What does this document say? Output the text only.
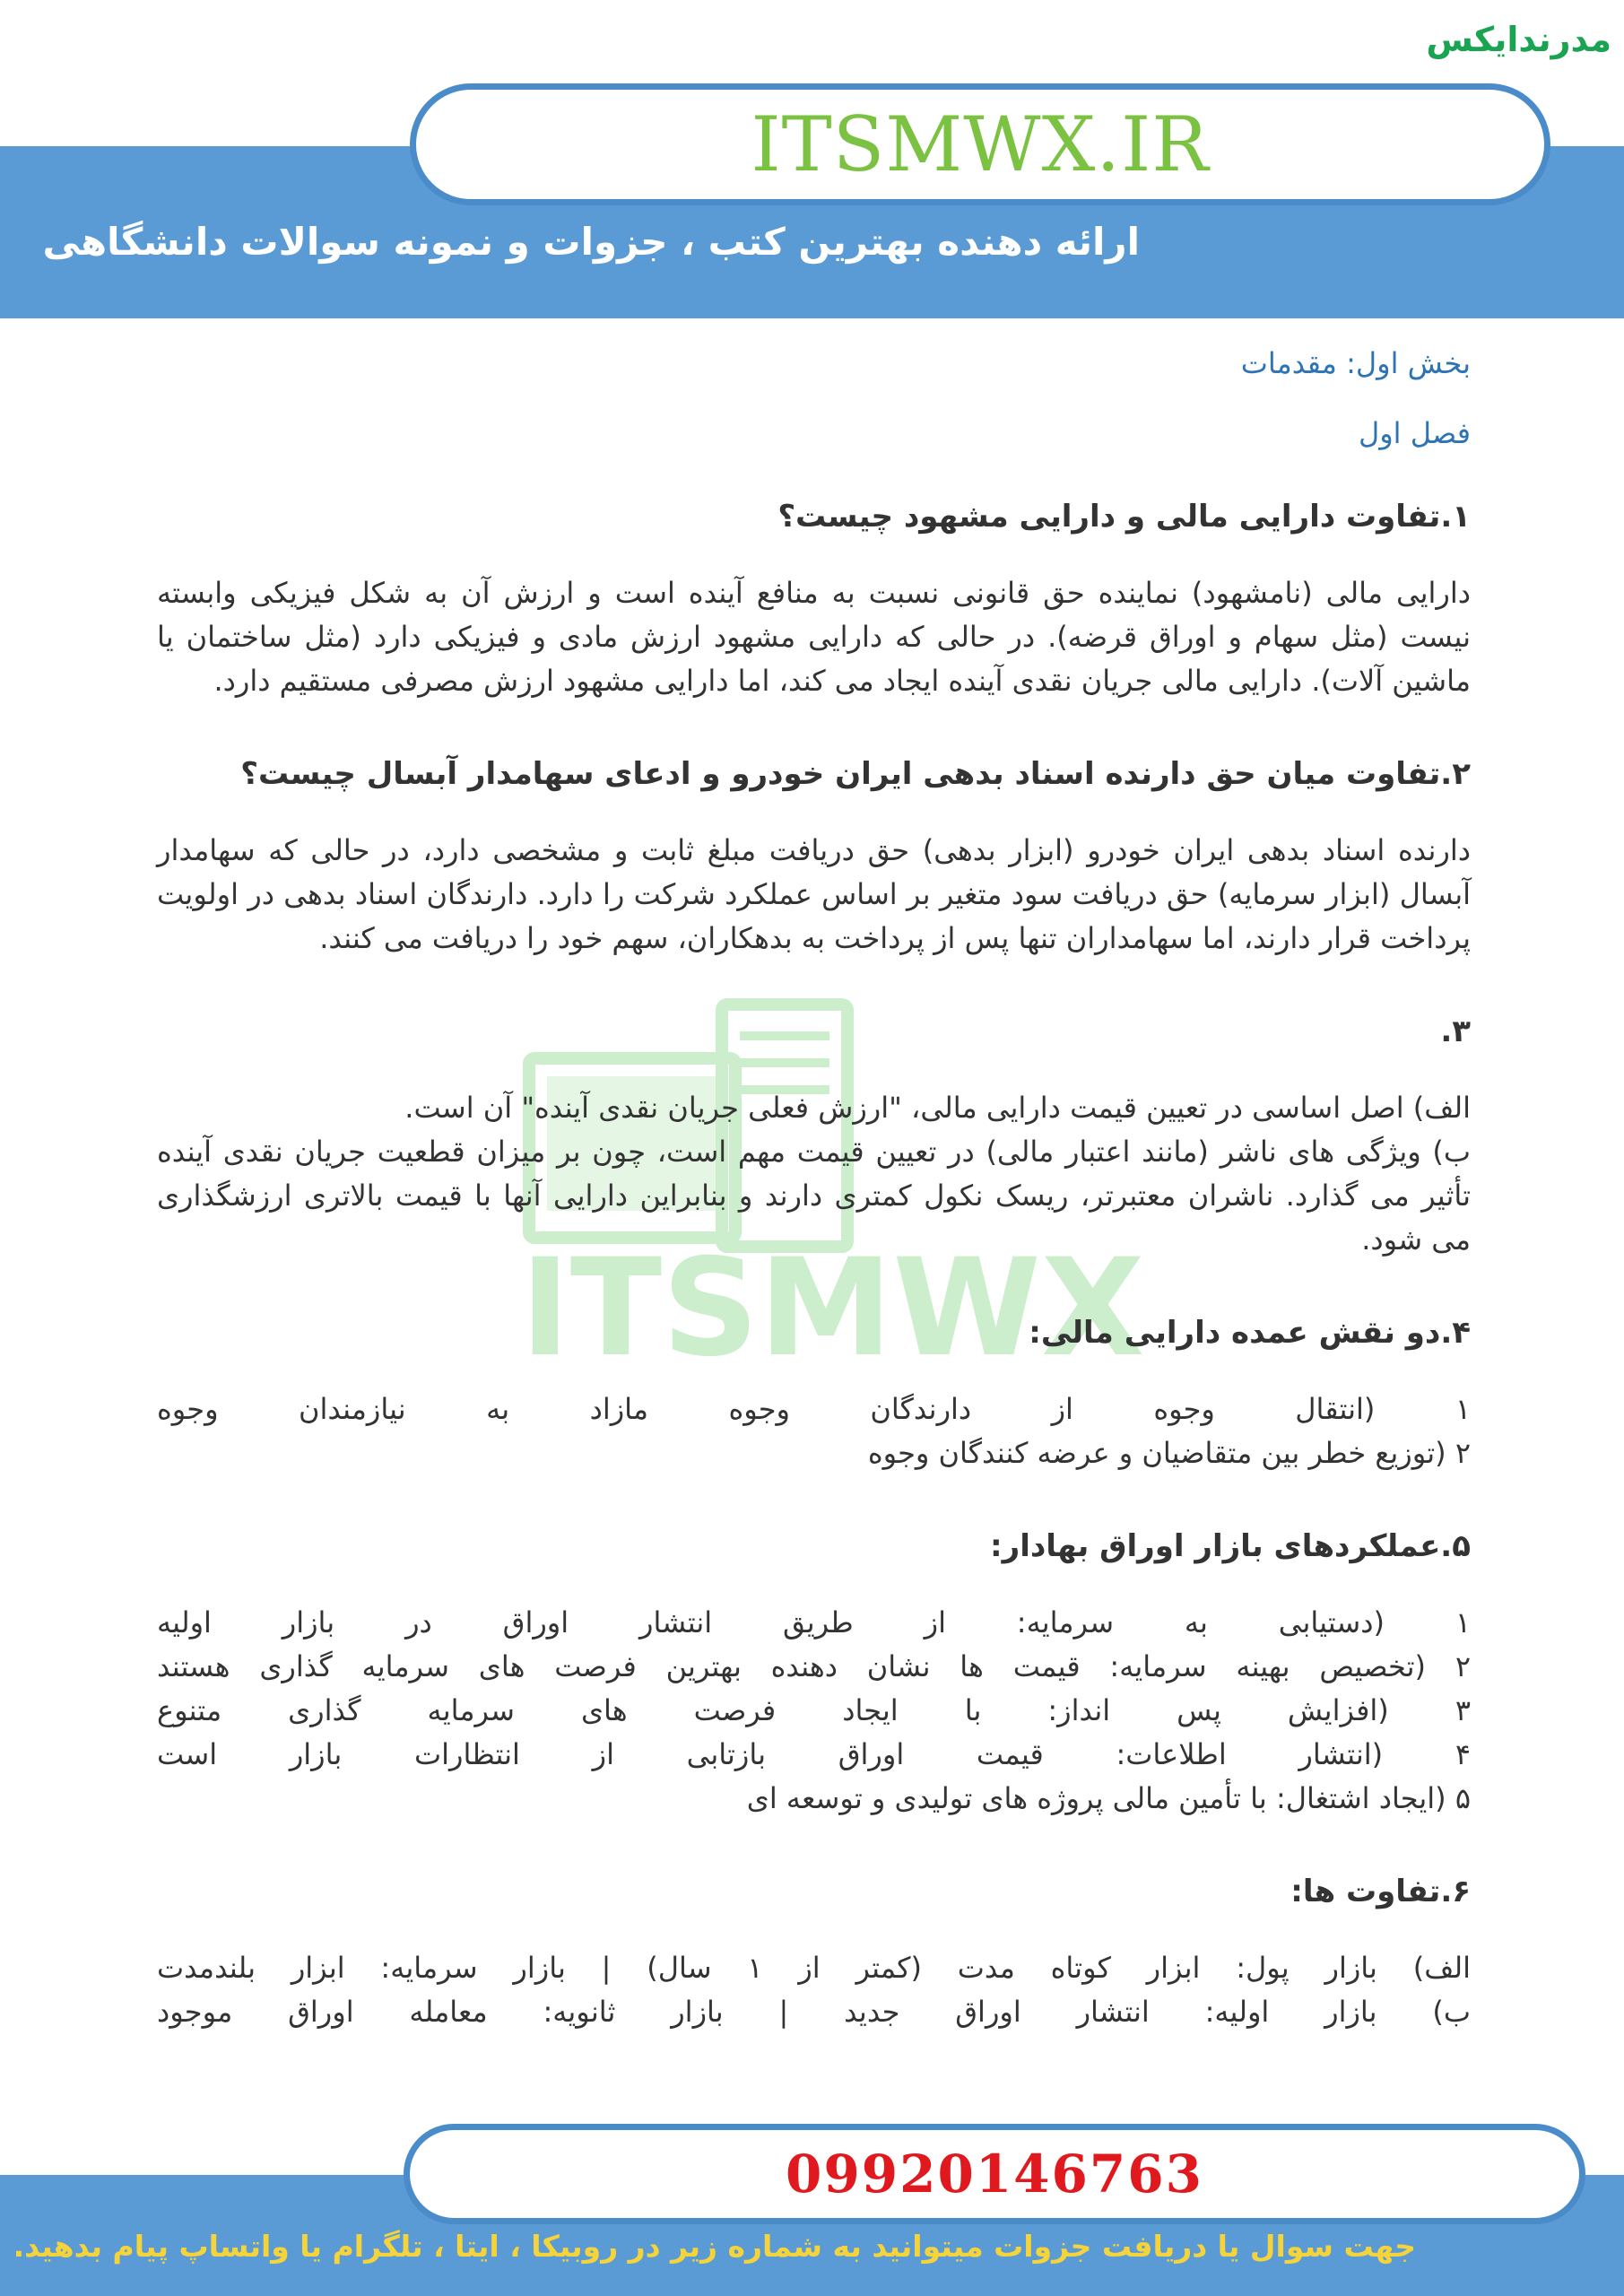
مدرندایکس
ITSMWX.IR
ارائه دهنده بهترین کتب ، جزوات و نمونه سوالات دانشگاهی
ITSMWX

بخش اول: مقدمات

فصل اول

۱.تفاوت دارایی مالی و دارایی مشهود چیست؟

دارایی مالی (نامشهود) نماینده حق قانونی نسبت به منافع آینده است و ارزش آن به شکل فیزیکی وابسته نیست (مثل سهام و اوراق قرضه). در حالی که دارایی مشهود ارزش مادی و فیزیکی دارد (مثل ساختمان یا ماشین آلات). دارایی مالی جریان نقدی آینده ایجاد می کند، اما دارایی مشهود ارزش مصرفی مستقیم دارد.

۲.تفاوت میان حق دارنده اسناد بدهی ایران خودرو و ادعای سهامدار آبسال چیست؟

دارنده اسناد بدهی ایران خودرو (ابزار بدهی) حق دریافت مبلغ ثابت و مشخصی دارد، در حالی که سهامدار آبسال (ابزار سرمایه) حق دریافت سود متغیر بر اساس عملکرد شرکت را دارد. دارندگان اسناد بدهی در اولویت پرداخت قرار دارند، اما سهامداران تنها پس از پرداخت به بدهکاران، سهم خود را دریافت می کنند.

۳.

الف) اصل اساسی در تعیین قیمت دارایی مالی، "ارزش فعلی جریان نقدی آینده" آن است.

ب) ویژگی های ناشر (مانند اعتبار مالی) در تعیین قیمت مهم است، چون بر میزان قطعیت جریان نقدی آینده تأثیر می گذارد. ناشران معتبرتر، ریسک نکول کمتری دارند و بنابراین دارایی آنها با قیمت بالاتری ارزشگذاری می شود.

۴.دو نقش عمده دارایی مالی:

۱ (انتقال وجوه از دارندگان وجوه مازاد به نیازمندان وجوه

۲ (توزیع خطر بین متقاضیان و عرضه کنندگان وجوه

۵.عملکردهای بازار اوراق بهادار:

۱ (دستیابی به سرمایه: از طریق انتشار اوراق در بازار اولیه

۲ (تخصیص بهینه سرمایه: قیمت ها نشان دهنده بهترین فرصت های سرمایه گذاری هستند

۳ (افزایش پس انداز: با ایجاد فرصت های سرمایه گذاری متنوع

۴ (انتشار اطلاعات: قیمت اوراق بازتابی از انتظارات بازار است

۵ (ایجاد اشتغال: با تأمین مالی پروژه های تولیدی و توسعه ای

۶.تفاوت ها:

الف) بازار پول: ابزار کوتاه مدت (کمتر از ۱ سال) | بازار سرمایه: ابزار بلندمدت

ب) بازار اولیه: انتشار اوراق جدید | بازار ثانویه: معامله اوراق موجود

09920146763
جهت سوال یا دریافت جزوات میتوانید به شماره زیر در روبیکا ، ایتا ، تلگرام یا واتساپ پیام بدهید.
